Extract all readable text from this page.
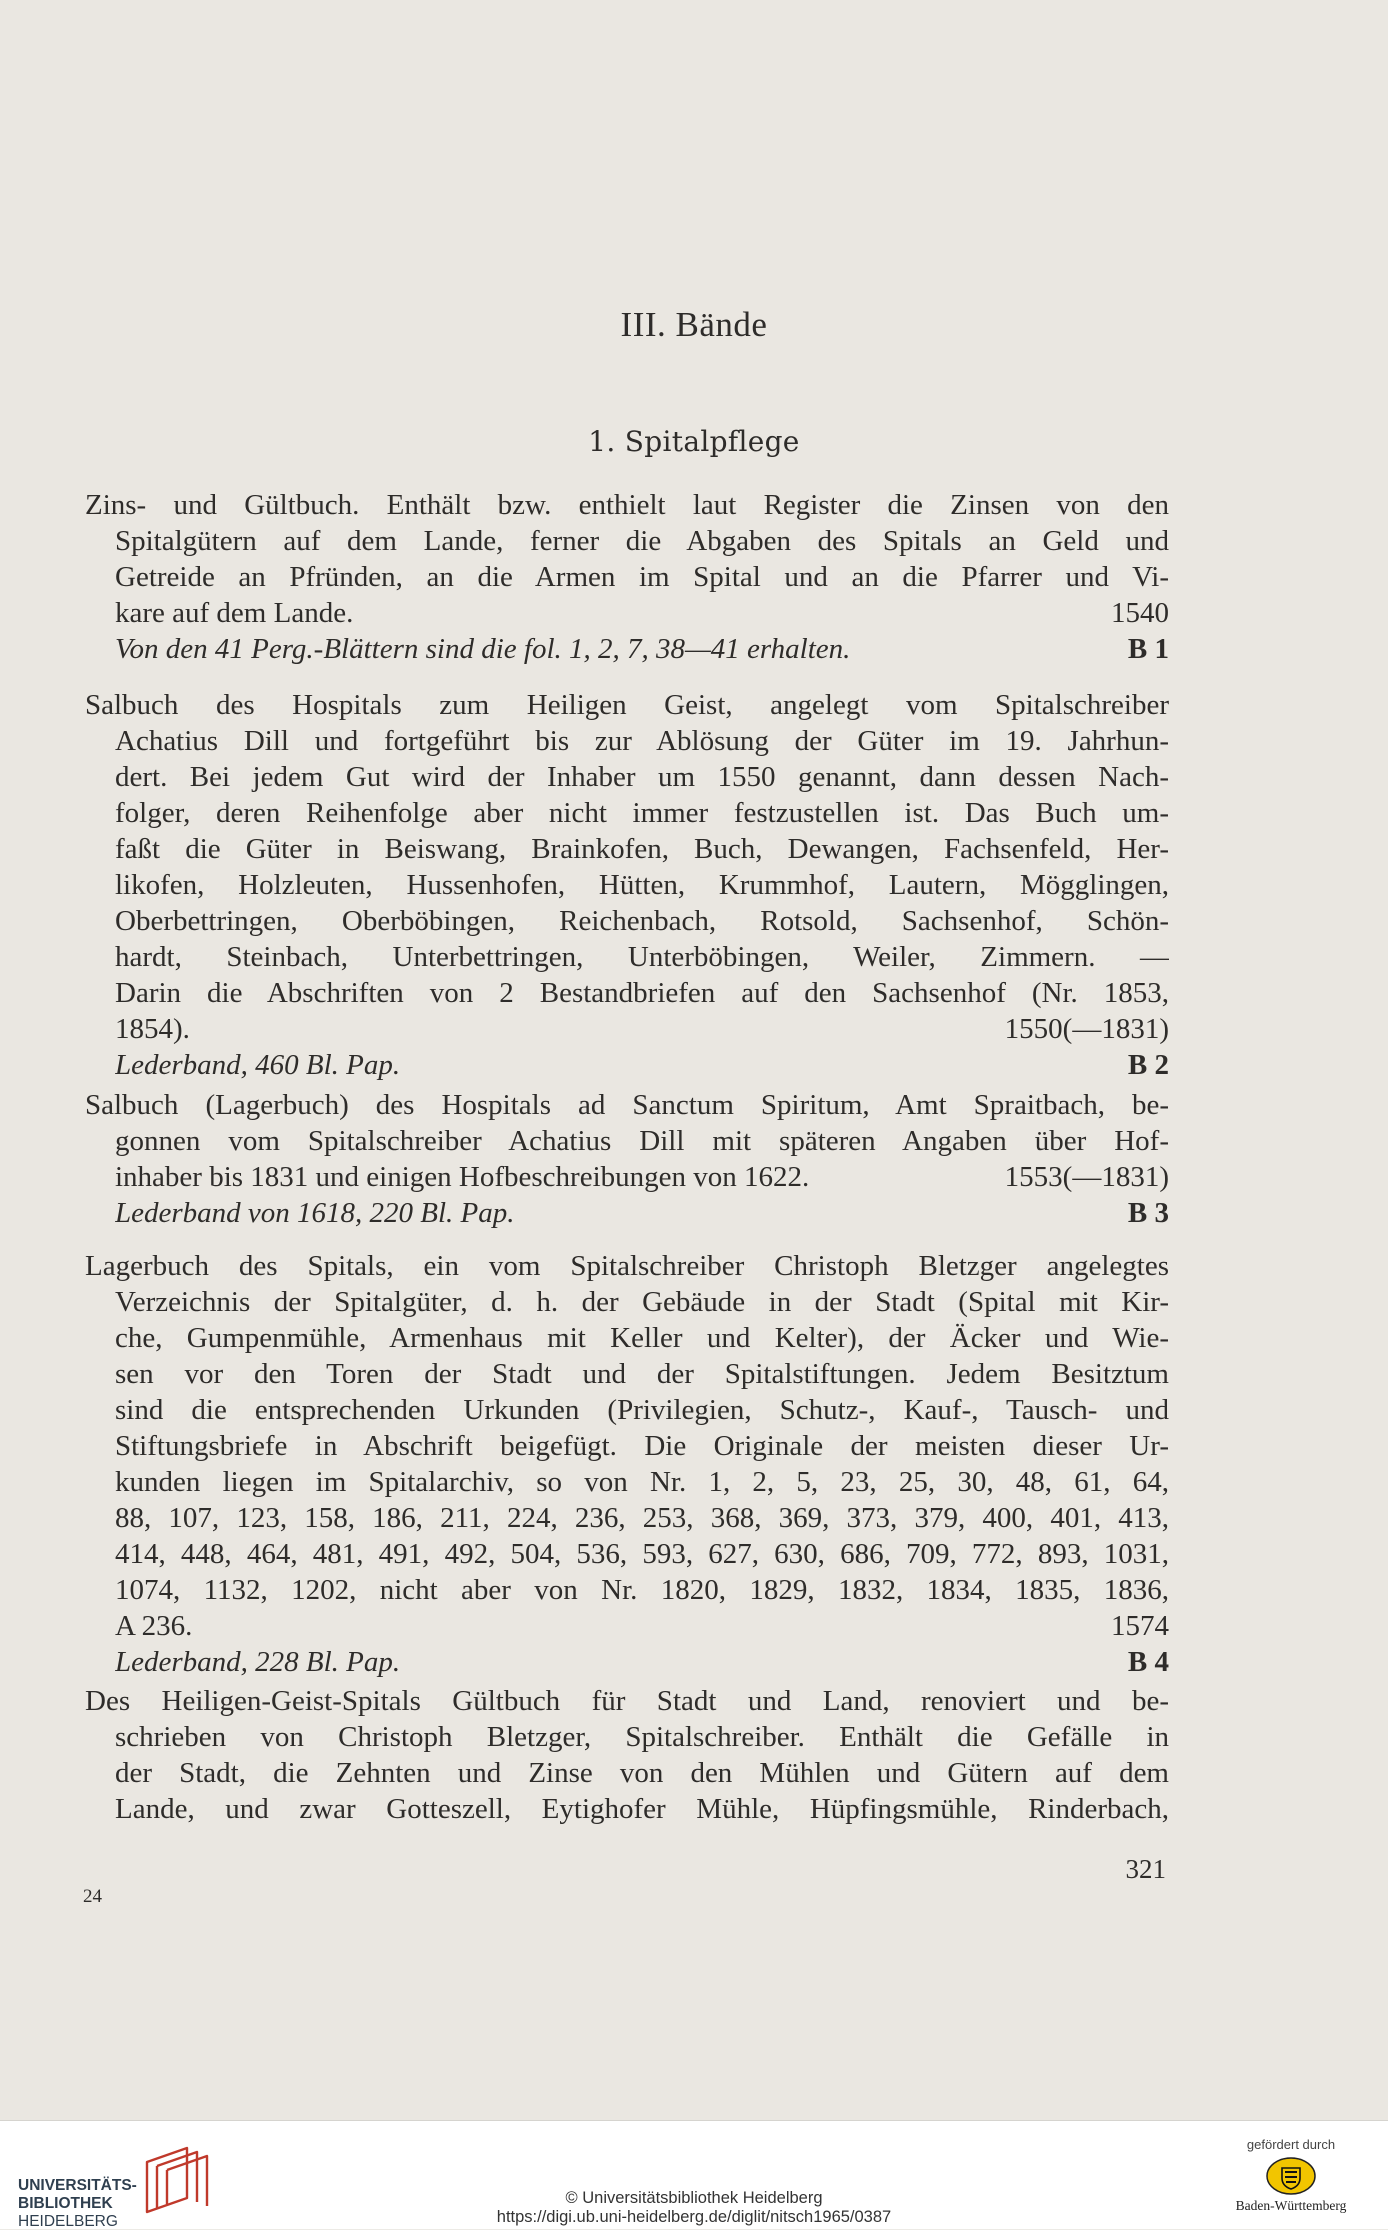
III. Bände
1. Spitalpflege
Zins- und Gültbuch. Enthält bzw. enthielt laut Register die Zinsen von den
Spitalgütern auf dem Lande, ferner die Abgaben des Spitals an Geld und
Getreide an Pfründen, an die Armen im Spital und an die Pfarrer und Vi-
kare auf dem Lande.	1540
Von den 41 Perg.-Blättern sind die fol. 1, 2, 7, 38—41 erhalten.	B 1
Salbuch des Hospitals zum Heiligen Geist, angelegt vom Spitalschreiber
Achatius Dill und fortgeführt bis zur Ablösung der Güter im 19. Jahrhun-
dert. Bei jedem Gut wird der Inhaber um 1550 genannt, dann dessen Nach-
folger, deren Reihenfolge aber nicht immer festzustellen ist. Das Buch um-
faßt die Güter in Beiswang, Brainkofen, Buch, Dewangen, Fachsenfeld, Her-
likofen, Holzleuten, Hussenhofen, Hütten, Krummhof, Lautern, Mögglingen,
Oberbettringen, Oberböbingen, Reichenbach, Rotsold, Sachsenhof, Schön-
hardt, Steinbach, Unterbettringen, Unterböbingen, Weiler, Zimmern. —
Darin die Abschriften von 2 Bestandbriefen auf den Sachsenhof (Nr. 1853,
1854).	1550(—1831)
Lederband, 460 Bl. Pap.	B 2
Salbuch (Lagerbuch) des Hospitals ad Sanctum Spiritum, Amt Spraitbach, be-
gonnen vom Spitalschreiber Achatius Dill mit späteren Angaben über Hof-
inhaber bis 1831 und einigen Hofbeschreibungen von 1622.	1553(—1831)
Lederband von 1618, 220 Bl. Pap.	B 3
Lagerbuch des Spitals, ein vom Spitalschreiber Christoph Bletzger angelegtes
Verzeichnis der Spitalgüter, d. h. der Gebäude in der Stadt (Spital mit Kir-
che, Gumpenmühle, Armenhaus mit Keller und Kelter), der Äcker und Wie-
sen vor den Toren der Stadt und der Spitalstiftungen. Jedem Besitztum
sind die entsprechenden Urkunden (Privilegien, Schutz-, Kauf-, Tausch- und
Stiftungsbriefe in Abschrift beigefügt. Die Originale der meisten dieser Ur-
kunden liegen im Spitalarchiv, so von Nr. 1, 2, 5, 23, 25, 30, 48, 61, 64,
88, 107, 123, 158, 186, 211, 224, 236, 253, 368, 369, 373, 379, 400, 401, 413,
414, 448, 464, 481, 491, 492, 504, 536, 593, 627, 630, 686, 709, 772, 893, 1031,
1074, 1132, 1202, nicht aber von Nr. 1820, 1829, 1832, 1834, 1835, 1836,
A 236.	1574
Lederband, 228 Bl. Pap.	B 4
Des Heiligen-Geist-Spitals Gültbuch für Stadt und Land, renoviert und be-
schrieben von Christoph Bletzger, Spitalschreiber. Enthält die Gefälle in
der Stadt, die Zehnten und Zinse von den Mühlen und Gütern auf dem
Lande, und zwar Gotteszell, Eytighofer Mühle, Hüpfingsmühle, Rinderbach,
321
24
UNIVERSITÄTS-
BIBLIOTHEK
HEIDELBERG
© Universitätsbibliothek Heidelberg
https://digi.ub.uni-heidelberg.de/diglit/nitsch1965/0387
gefördert durch
Baden-Württemberg
